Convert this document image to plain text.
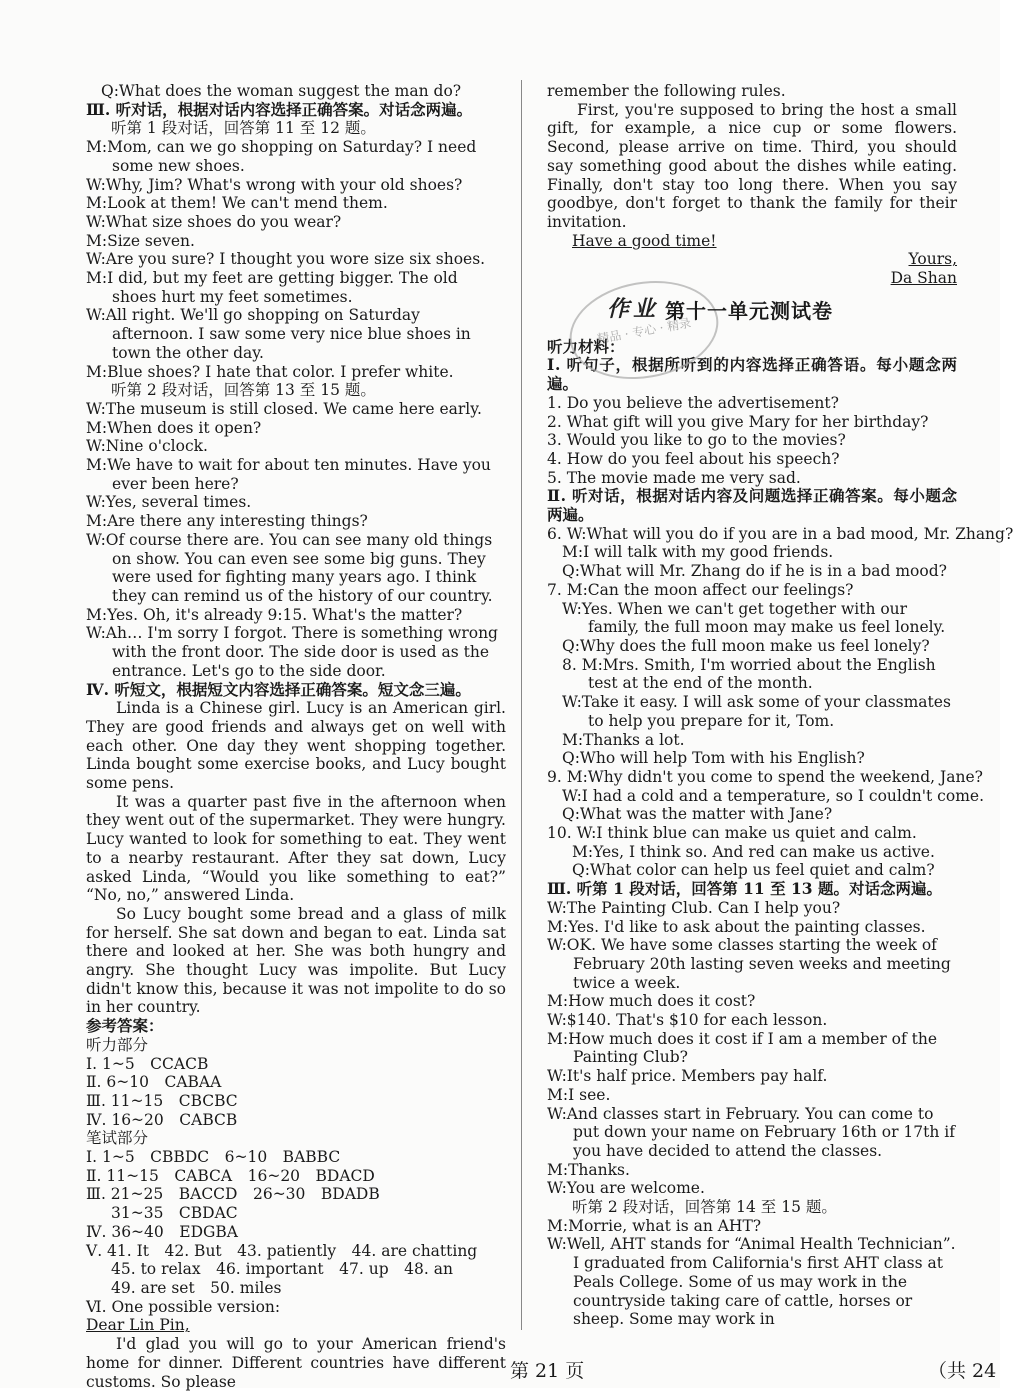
Q:What does the woman suggest the man do?
Ⅲ. 听对话，根据对话内容选择正确答案。对话念两遍。
听第 1 段对话，回答第 11 至 12 题。
M:Mom, can we go shopping on Saturday? I need some new shoes.
W:Why, Jim? What's wrong with your old shoes?
M:Look at them! We can't mend them.
W:What size shoes do you wear?
M:Size seven.
W:Are you sure? I thought you wore size six shoes.
M:I did, but my feet are getting bigger. The old shoes hurt my feet sometimes.
W:All right. We'll go shopping on Saturday afternoon. I saw some very nice blue shoes in town the other day.
M:Blue shoes? I hate that color. I prefer white.
听第 2 段对话，回答第 13 至 15 题。
W:The museum is still closed. We came here early.
M:When does it open?
W:Nine o'clock.
M:We have to wait for about ten minutes. Have you ever been here?
W:Yes, several times.
M:Are there any interesting things?
W:Of course there are. You can see many old things on show. You can even see some big guns. They were used for fighting many years ago. I think they can remind us of the history of our country.
M:Yes. Oh, it's already 9:15. What's the matter?
W:Ah… I'm sorry I forgot. There is something wrong with the front door. The side door is used as the entrance. Let's go to the side door.
Ⅳ. 听短文，根据短文内容选择正确答案。短文念三遍。
Linda is a Chinese girl. Lucy is an American girl. They are good friends and always get on well with each other. One day they went shopping together. Linda bought some exercise books, and Lucy bought some pens.
It was a quarter past five in the afternoon when they went out of the supermarket. They were hungry. Lucy wanted to look for something to eat. They went to a nearby restaurant. After they sat down, Lucy asked Linda, “Would you like something to eat?” “No, no,” answered Linda.
So Lucy bought some bread and a glass of milk for herself. She sat down and began to eat. Linda sat there and looked at her. She was both hungry and angry. She thought Lucy was impolite. But Lucy didn't know this, because it was not impolite to do so in her country.
参考答案：
听力部分
Ⅰ. 1~5　CCACB
Ⅱ. 6~10　CABAA
Ⅲ. 11~15　CBCBC
Ⅳ. 16~20　CABCB
笔试部分
Ⅰ. 1~5　CBBDC　6~10　BABBC
Ⅱ. 11~15　CABCA　16~20　BDACD
Ⅲ. 21~25　BACCD　26~30　BDADB
31~35　CBDAC
Ⅳ. 36~40　EDGBA
Ⅴ. 41. It　42. But　43. patiently　44. are chatting
45. to relax　46. important　47. up　48. an
49. are set　50. miles
Ⅵ. One possible version:
Dear Lin Pin,
I'd glad you will go to your American friend's home for dinner. Different countries have different customs. So please
remember the following rules.
First, you're supposed to bring the host a small gift, for example, a nice cup or some flowers. Second, please arrive on time. Third, you should say something good about the dishes while eating. Finally, don't stay too long there. When you say goodbye, don't forget to thank the family for their invitation.
Have a good time!
Yours,
Da Shan
精品 · 专心 · 精录
作业 第十一单元测试卷
听力材料：
Ⅰ. 听句子，根据所听到的内容选择正确答语。每小题念两遍。
1. Do you believe the advertisement?
2. What gift will you give Mary for her birthday?
3. Would you like to go to the movies?
4. How do you feel about his speech?
5. The movie made me very sad.
Ⅱ. 听对话，根据对话内容及问题选择正确答案。每小题念两遍。
6. W:What will you do if you are in a bad mood, Mr. Zhang?
M:I will talk with my good friends.
Q:What will Mr. Zhang do if he is in a bad mood?
7. M:Can the moon affect our feelings?
W:Yes. When we can't get together with our family, the full moon may make us feel lonely.
Q:Why does the full moon make us feel lonely?
8. M:Mrs. Smith, I'm worried about the English test at the end of the month.
W:Take it easy. I will ask some of your classmates to help you prepare for it, Tom.
M:Thanks a lot.
Q:Who will help Tom with his English?
9. M:Why didn't you come to spend the weekend, Jane?
W:I had a cold and a temperature, so I couldn't come.
Q:What was the matter with Jane?
10. W:I think blue can make us quiet and calm.
M:Yes, I think so. And red can make us active.
Q:What color can help us feel quiet and calm?
Ⅲ. 听第 1 段对话，回答第 11 至 13 题。对话念两遍。
W:The Painting Club. Can I help you?
M:Yes. I'd like to ask about the painting classes.
W:OK. We have some classes starting the week of February 20th lasting seven weeks and meeting twice a week.
M:How much does it cost?
W:$140. That's $10 for each lesson.
M:How much does it cost if I am a member of the Painting Club?
W:It's half price. Members pay half.
M:I see.
W:And classes start in February. You can come to put down your name on February 16th or 17th if you have decided to attend the classes.
M:Thanks.
W:You are welcome.
听第 2 段对话，回答第 14 至 15 题。
M:Morrie, what is an AHT?
W:Well, AHT stands for “Animal Health Technician”. I graduated from California's first AHT class at Peals College. Some of us may work in the countryside taking care of cattle, horses or sheep. Some may work in
第 21 页	（共 24
